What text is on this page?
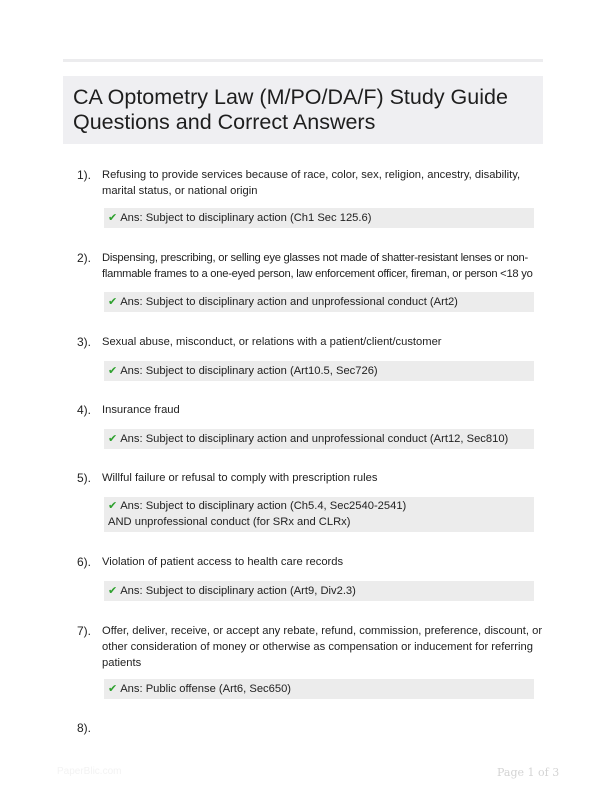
CA Optometry Law (M/PO/DA/F) Study Guide Questions and Correct Answers
1). Refusing to provide services because of race, color, sex, religion, ancestry, disability, marital status, or national origin
✔ Ans: Subject to disciplinary action (Ch1 Sec 125.6)
2). Dispensing, prescribing, or selling eye glasses not made of shatter-resistant lenses or non-flammable frames to a one-eyed person, law enforcement officer, fireman, or person <18 yo
✔ Ans: Subject to disciplinary action and unprofessional conduct (Art2)
3). Sexual abuse, misconduct, or relations with a patient/client/customer
✔ Ans: Subject to disciplinary action (Art10.5, Sec726)
4). Insurance fraud
✔ Ans: Subject to disciplinary action and unprofessional conduct (Art12, Sec810)
5). Willful failure or refusal to comply with prescription rules
✔ Ans: Subject to disciplinary action (Ch5.4, Sec2540-2541)
AND unprofessional conduct (for SRx and CLRx)
6). Violation of patient access to health care records
✔ Ans: Subject to disciplinary action (Art9, Div2.3)
7). Offer, deliver, receive, or accept any rebate, refund, commission, preference, discount, or other consideration of money or otherwise as compensation or inducement for referring patients
✔ Ans: Public offense (Art6, Sec650)
8).
PaperBlic.com	Page 1 of 3
